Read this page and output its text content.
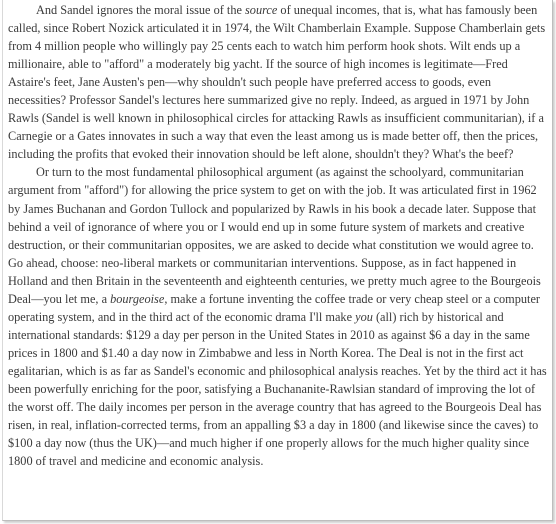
And Sandel ignores the moral issue of the source of unequal incomes, that is, what has famously been called, since Robert Nozick articulated it in 1974, the Wilt Chamberlain Example. Suppose Chamberlain gets from 4 million people who willingly pay 25 cents each to watch him perform hook shots. Wilt ends up a millionaire, able to "afford" a moderately big yacht. If the source of high incomes is legitimate—Fred Astaire's feet, Jane Austen's pen—why shouldn't such people have preferred access to goods, even necessities? Professor Sandel's lectures here summarized give no reply. Indeed, as argued in 1971 by John Rawls (Sandel is well known in philosophical circles for attacking Rawls as insufficient communitarian), if a Carnegie or a Gates innovates in such a way that even the least among us is made better off, then the prices, including the profits that evoked their innovation should be left alone, shouldn't they? What's the beef?

Or turn to the most fundamental philosophical argument (as against the schoolyard, communitarian argument from "afford") for allowing the price system to get on with the job. It was articulated first in 1962 by James Buchanan and Gordon Tullock and popularized by Rawls in his book a decade later. Suppose that behind a veil of ignorance of where you or I would end up in some future system of markets and creative destruction, or their communitarian opposites, we are asked to decide what constitution we would agree to. Go ahead, choose: neo-liberal markets or communitarian interventions. Suppose, as in fact happened in Holland and then Britain in the seventeenth and eighteenth centuries, we pretty much agree to the Bourgeois Deal—you let me, a bourgeoise, make a fortune inventing the coffee trade or very cheap steel or a computer operating system, and in the third act of the economic drama I'll make you (all) rich by historical and international standards: $129 a day per person in the United States in 2010 as against $6 a day in the same prices in 1800 and $1.40 a day now in Zimbabwe and less in North Korea. The Deal is not in the first act egalitarian, which is as far as Sandel's economic and philosophical analysis reaches. Yet by the third act it has been powerfully enriching for the poor, satisfying a Buchananite-Rawlsian standard of improving the lot of the worst off. The daily incomes per person in the average country that has agreed to the Bourgeois Deal has risen, in real, inflation-corrected terms, from an appalling $3 a day in 1800 (and likewise since the caves) to $100 a day now (thus the UK)—and much higher if one properly allows for the much higher quality since 1800 of travel and medicine and economic analysis.
